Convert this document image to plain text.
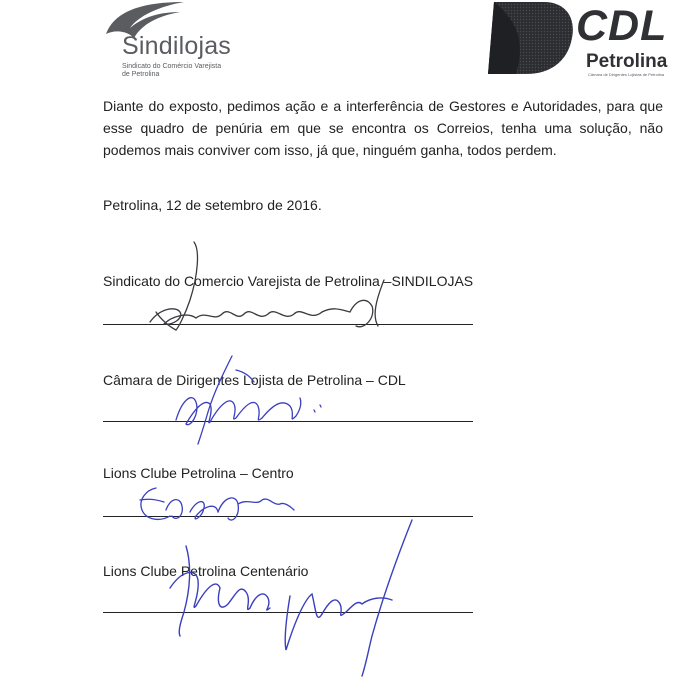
Sindilojas
Sindicato do Comércio Varejista
de Petrolina
CDL
Petrolina
Câmara de Dirigentes Lojistas de Petrolina
Diante do exposto, pedimos ação e a interferência de Gestores e Autoridades, para que esse quadro de penúria em que se encontra os Correios, tenha uma solução, não podemos mais conviver com isso, já que, ninguém ganha, todos perdem.
Petrolina, 12 de setembro de 2016.
Sindicato do Comercio Varejista de Petrolina –SINDILOJAS
Câmara de Dirigentes Lojista de Petrolina – CDL
Lions Clube Petrolina – Centro
Lions Clube Petrolina Centenário
